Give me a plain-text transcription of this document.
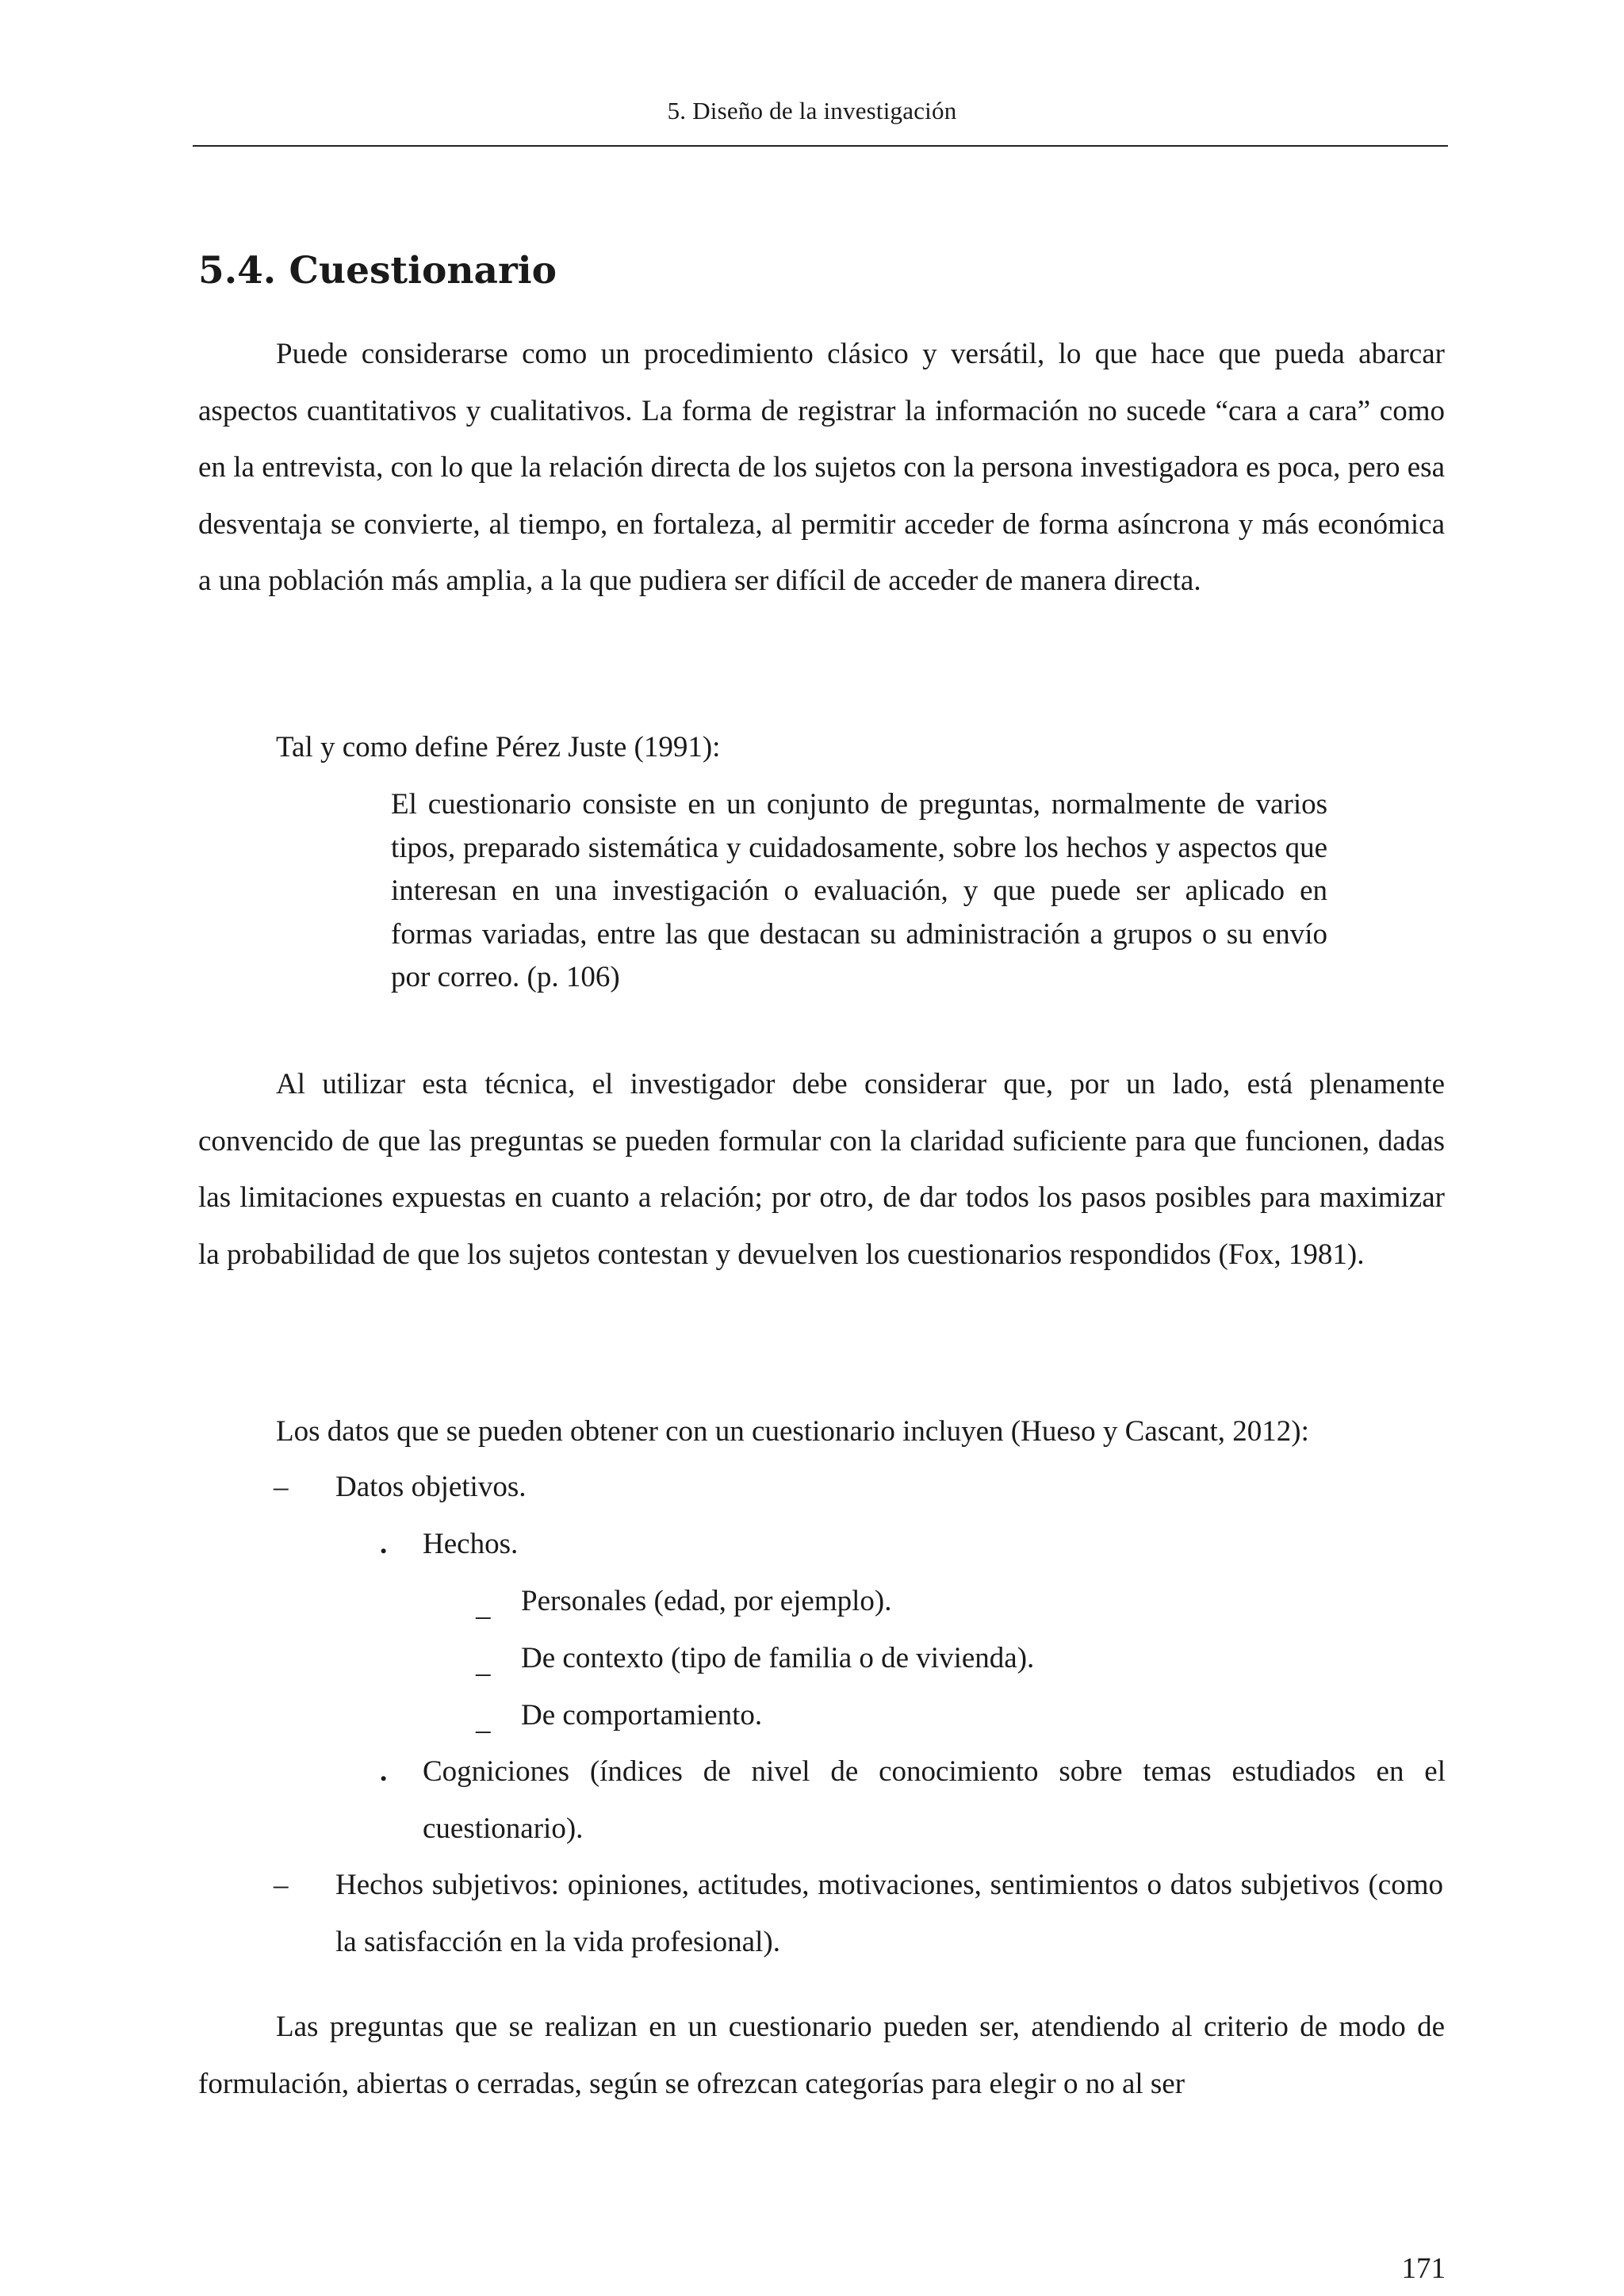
5. Diseño de la investigación
5.4. Cuestionario

Puede considerarse como un procedimiento clásico y versátil, lo que hace que pueda abarcar aspectos cuantitativos y cualitativos. La forma de registrar la información no sucede “cara a cara” como en la entrevista, con lo que la relación directa de los sujetos con la persona investigadora es poca, pero esa desventaja se convierte, al tiempo, en fortaleza, al permitir acceder de forma asíncrona y más económica a una población más amplia, a la que pudiera ser difícil de acceder de manera directa.

Tal y como define Pérez Juste (1991):

El cuestionario consiste en un conjunto de preguntas, normalmente de varios tipos, preparado sistemática y cuidadosamente, sobre los hechos y aspectos que interesan en una investigación o evaluación, y que puede ser aplicado en formas variadas, entre las que destacan su administración a grupos o su envío por correo. (p. 106)

Al utilizar esta técnica, el investigador debe considerar que, por un lado, está plenamente convencido de que las preguntas se pueden formular con la claridad suficiente para que funcionen, dadas las limitaciones expuestas en cuanto a relación; por otro, de dar todos los pasos posibles para maximizar la probabilidad de que los sujetos contestan y devuelven los cuestionarios respondidos (Fox, 1981).

Los datos que se pueden obtener con un cuestionario incluyen (Hueso y Cascant, 2012):

– Datos objetivos.

. Hechos.

_ Personales (edad, por ejemplo).

_ De contexto (tipo de familia o de vivienda).

_ De comportamiento.

. Cogniciones (índices de nivel de conocimiento sobre temas estudiados en el cuestionario).

– Hechos subjetivos: opiniones, actitudes, motivaciones, sentimientos o datos subjetivos (como la satisfacción en la vida profesional).

Las preguntas que se realizan en un cuestionario pueden ser, atendiendo al criterio de modo de formulación, abiertas o cerradas, según se ofrezcan categorías para elegir o no al ser

171
